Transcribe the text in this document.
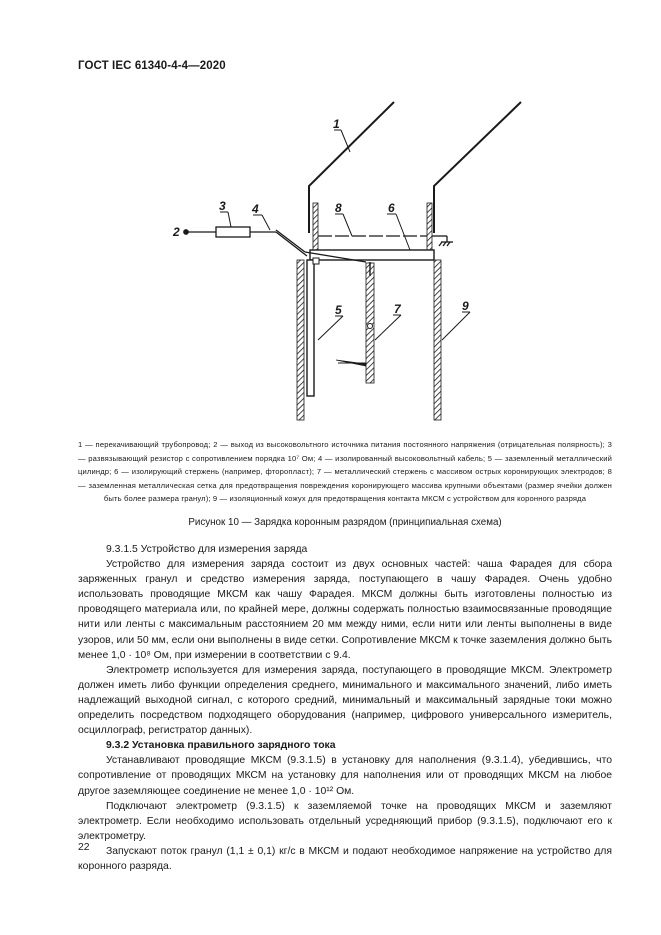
ГОСТ IEC 61340-4-4—2020
1
2
3 4
5
6
7
8
9
1 — перекачивающий трубопровод; 2 — выход из высоковольтного источника питания постоянного напряжения (отрицательная полярность); 3 — развязывающий резистор с сопротивлением порядка 10⁷ Ом; 4 — изолированный высоковольтный кабель; 5 — заземленный металлический цилиндр; 6 — изолирующий стержень (например, фторопласт); 7 — металлический стержень с массивом острых коронирующих электродов; 8 — заземленная металлическая сетка для предотвращения повреждения коронирующего массива крупными объектами (размер ячейки должен быть более размера гранул); 9 — изоляционный кожух для предотвращения контакта МКСМ с устройством для коронного разряда
Рисунок 10 — Зарядка коронным разрядом (принципиальная схема)

9.3.1.5 Устройство для измерения заряда

Устройство для измерения заряда состоит из двух основных частей: чаша Фарадея для сбора заряженных гранул и средство измерения заряда, поступающего в чашу Фарадея. Очень удобно использовать проводящие МКСМ как чашу Фарадея. МКСМ должны быть изготовлены полностью из проводящего материала или, по крайней мере, должны содержать полностью взаимосвязанные проводящие нити или ленты с максимальным расстоянием 20 мм между ними, если нити или ленты выполнены в виде узоров, или 50 мм, если они выполнены в виде сетки. Сопротивление МКСМ к точке заземления должно быть менее 1,0 · 10⁸ Ом, при измерении в соответствии с 9.4.

Электрометр используется для измерения заряда, поступающего в проводящие МКСМ. Электрометр должен иметь либо функции определения среднего, минимального и максимального значений, либо иметь надлежащий выходной сигнал, с которого средний, минимальный и максимальный зарядные токи можно определить посредством подходящего оборудования (например, цифрового универсального измеритель, осциллограф, регистратор данных).

9.3.2 Установка правильного зарядного тока

Устанавливают проводящие МКСМ (9.3.1.5) в установку для наполнения (9.3.1.4), убедившись, что сопротивление от проводящих МКСМ на установку для наполнения или от проводящих МКСМ на любое другое заземляющее соединение не менее 1,0 · 10¹² Ом.

Подключают электрометр (9.3.1.5) к заземляемой точке на проводящих МКСМ и заземляют электрометр. Если необходимо использовать отдельный усредняющий прибор (9.3.1.5), подключают его к электрометру.

Запускают поток гранул (1,1 ± 0,1) кг/с в МКСМ и подают необходимое напряжение на устройство для коронного разряда.

22
